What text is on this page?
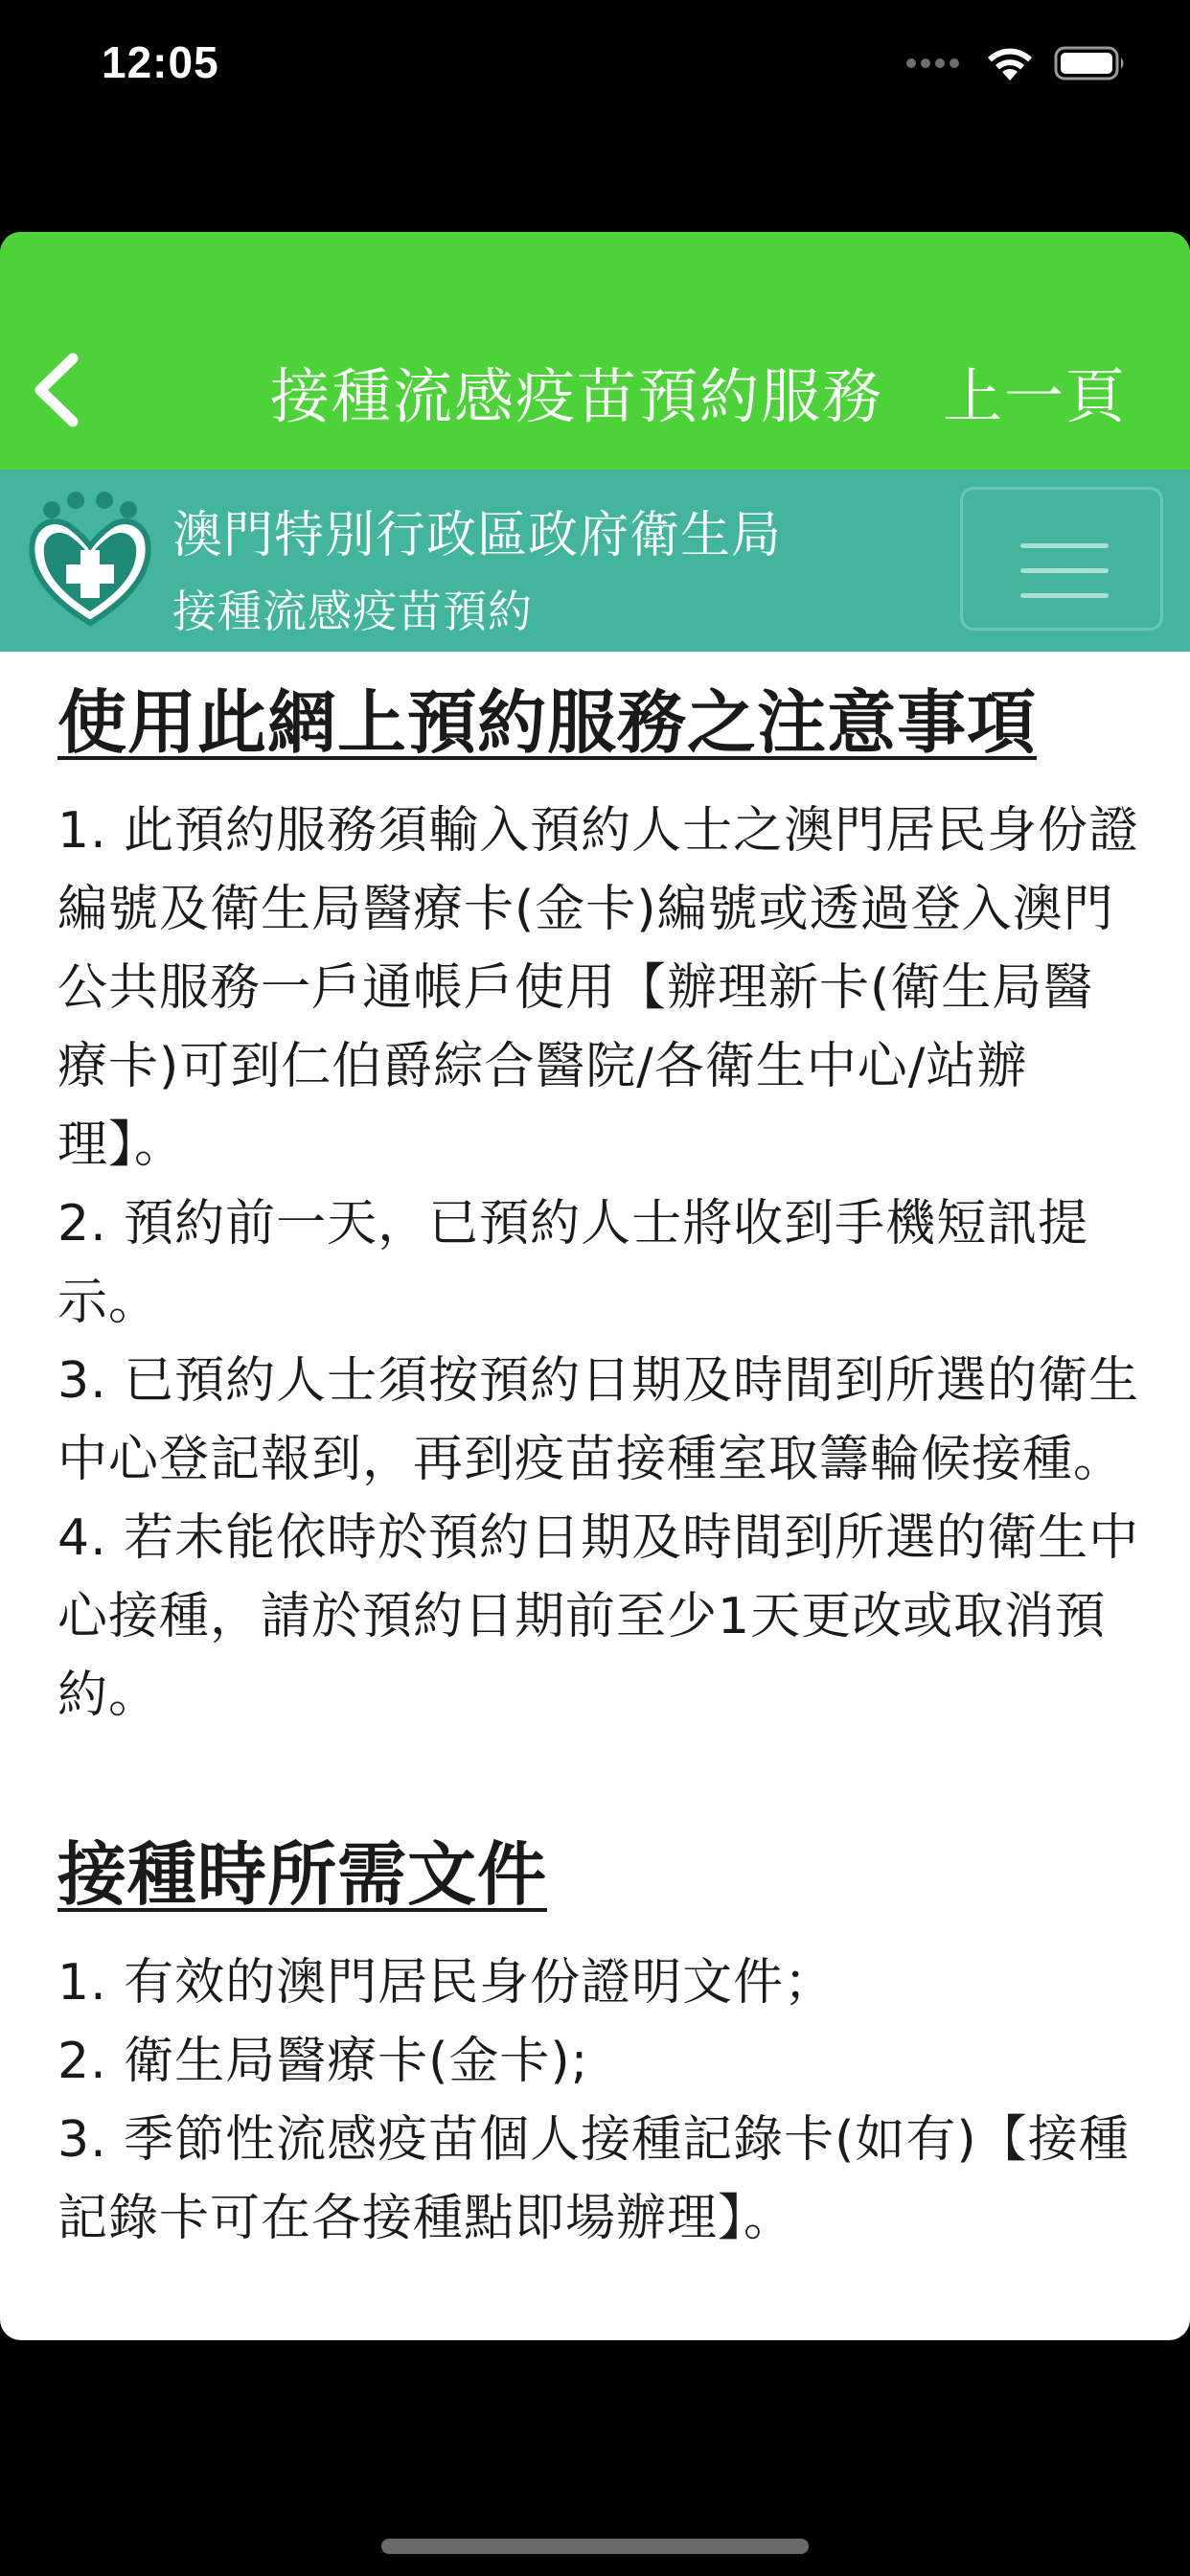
12:05
接種流感疫苗預約服務 上一頁
澳門特別行政區政府衛生局
接種流感疫苗預約
使用此網上預約服務之注意事項

1. 此預約服務須輸入預約人士之澳門居民身份證編號及衛生局醫療卡(金卡)編號或透過登入澳門公共服務一戶通帳戶使用【辦理新卡(衛生局醫療卡)可到仁伯爵綜合醫院/各衛生中心/站辦理】。

2. 預約前一天，已預約人士將收到手機短訊提示。

3. 已預約人士須按預約日期及時間到所選的衛生中心登記報到，再到疫苗接種室取籌輪候接種。

4. 若未能依時於預約日期及時間到所選的衛生中心接種，請於預約日期前至少1天更改或取消預約。

接種時所需文件

1. 有效的澳門居民身份證明文件；

2. 衛生局醫療卡(金卡);

3. 季節性流感疫苗個人接種記錄卡(如有)【接種記錄卡可在各接種點即場辦理】。
